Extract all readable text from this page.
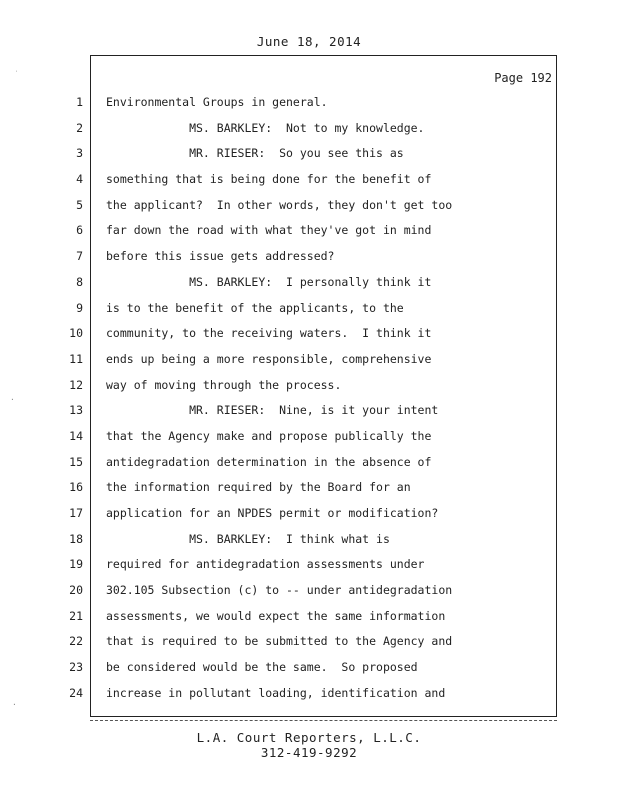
June 18, 2014
Page 192
1
2
3
4
5
6
7
8
9
10
11
12
13
14
15
16
17
18
19
20
21
22
23
24
Environmental Groups in general.
MS. BARKLEY:  Not to my knowledge.
MR. RIESER:  So you see this as
something that is being done for the benefit of
the applicant?  In other words, they don't get too
far down the road with what they've got in mind
before this issue gets addressed?
MS. BARKLEY:  I personally think it
is to the benefit of the applicants, to the
community, to the receiving waters.  I think it
ends up being a more responsible, comprehensive
way of moving through the process.
MR. RIESER:  Nine, is it your intent
that the Agency make and propose publically the
antidegradation determination in the absence of
the information required by the Board for an
application for an NPDES permit or modification?
MS. BARKLEY:  I think what is
required for antidegradation assessments under
302.105 Subsection (c) to -- under antidegradation
assessments, we would expect the same information
that is required to be submitted to the Agency and
be considered would be the same.  So proposed
increase in pollutant loading, identification and
L.A. Court Reporters, L.L.C.
312-419-9292
˙
·
·
